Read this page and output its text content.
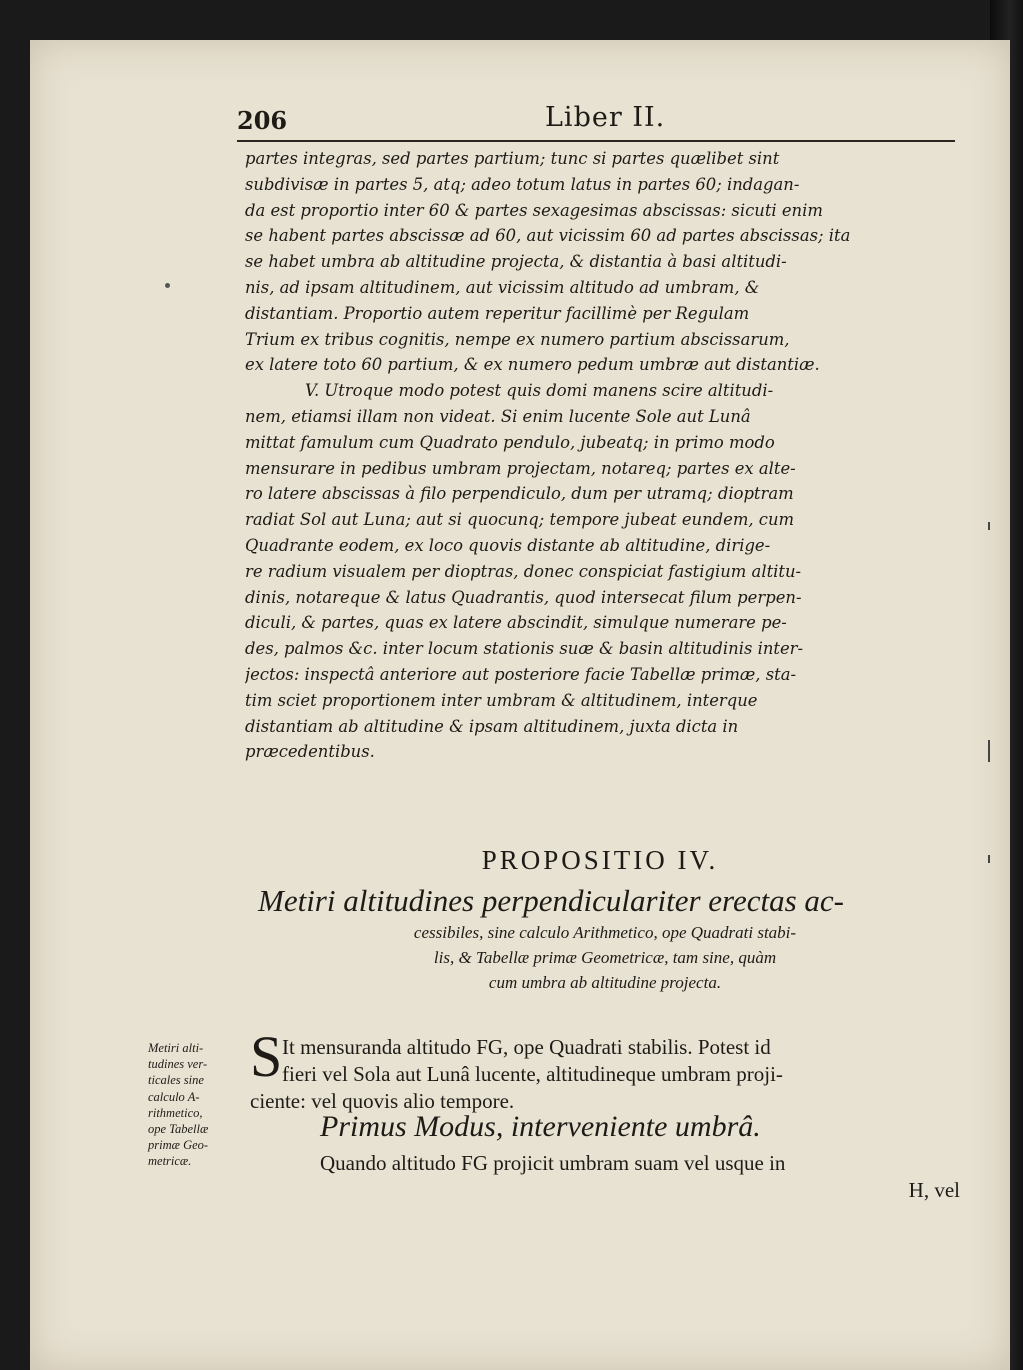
206	Liber II.
partes integras, sed partes partium; tunc si partes quælibet sint
subdivisæ in partes 5, atq; adeo totum latus in partes 60; indagan-
da est proportio inter 60 & partes sexagesimas abscissas: sicuti enim
se habent partes abscissæ ad 60, aut vicissim 60 ad partes abscissas; ita
se habet umbra ab altitudine projecta, & distantia à basi altitudi-
nis, ad ipsam altitudinem, aut vicissim altitudo ad umbram, &
distantiam. Proportio autem reperitur facillimè per Regulam
Trium ex tribus cognitis, nempe ex numero partium abscissarum,
ex latere toto 60 partium, & ex numero pedum umbræ aut distantiæ.
V. Utroque modo potest quis domi manens scire altitudi-
nem, etiamsi illam non videat. Si enim lucente Sole aut Lunâ
mittat famulum cum Quadrato pendulo, jubeatq; in primo modo
mensurare in pedibus umbram projectam, notareq; partes ex alte-
ro latere abscissas à filo perpendiculo, dum per utramq; dioptram
radiat Sol aut Luna; aut si quocunq; tempore jubeat eundem, cum
Quadrante eodem, ex loco quovis distante ab altitudine, dirige-
re radium visualem per dioptras, donec conspiciat fastigium altitu-
dinis, notareque & latus Quadrantis, quod intersecat filum perpen-
diculi, & partes, quas ex latere abscindit, simulque numerare pe-
des, palmos &c. inter locum stationis suæ & basin altitudinis inter-
jectos: inspectâ anteriore aut posteriore facie Tabellæ primæ, sta-
tim sciet proportionem inter umbram & altitudinem, interque
distantiam ab altitudine & ipsam altitudinem, juxta dicta in
præcedentibus.
PROPOSITIO IV.
Metiri altitudines perpendiculariter erectas ac-
cessibiles, sine calculo Arithmetico, ope Quadrati stabi-
lis, & Tabellæ primæ Geometricæ, tam sine, quàm
cum umbra ab altitudine projecta.
S It mensuranda altitudo FG, ope Quadrati stabilis. Potest id
fieri vel Sola aut Lunâ lucente, altitudineque umbram proji-
ciente: vel quovis alio tempore.
Primus Modus, interveniente umbrâ.
Quando altitudo FG projicit umbram suam vel usque in
H, vel
Metiri alti-
tudines ver-
ticales sine
calculo A-
rithmetico,
ope Tabellæ
primæ Geo-
metricæ.
